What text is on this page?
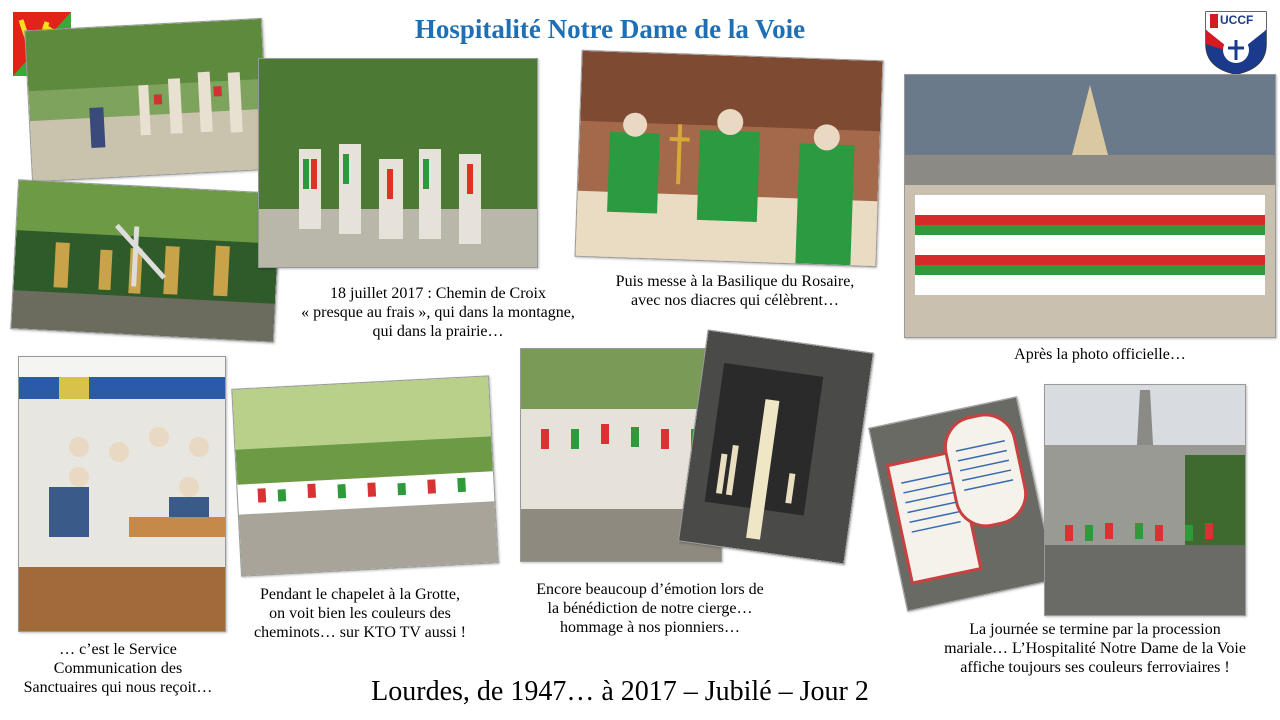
Hospitalité Notre Dame de la Voie	UCCF
18 juillet 2017 : Chemin de Croix
« presque au frais », qui dans la montagne,
qui dans la prairie…
Puis messe à la Basilique du Rosaire,
avec nos diacres qui célèbrent…
Après la photo officielle…
… c’est le Service
Communication des
Sanctuaires qui nous reçoit…
Pendant le chapelet à la Grotte,
on voit bien les couleurs des
cheminots… sur KTO TV aussi !
Encore beaucoup d’émotion lors de
la bénédiction de notre cierge…
hommage à nos pionniers…	La journée se termine par la procession
mariale… L’Hospitalité Notre Dame de la Voie
affiche toujours ses couleurs ferroviaires !
Lourdes, de 1947… à 2017 – Jubilé – Jour 2
